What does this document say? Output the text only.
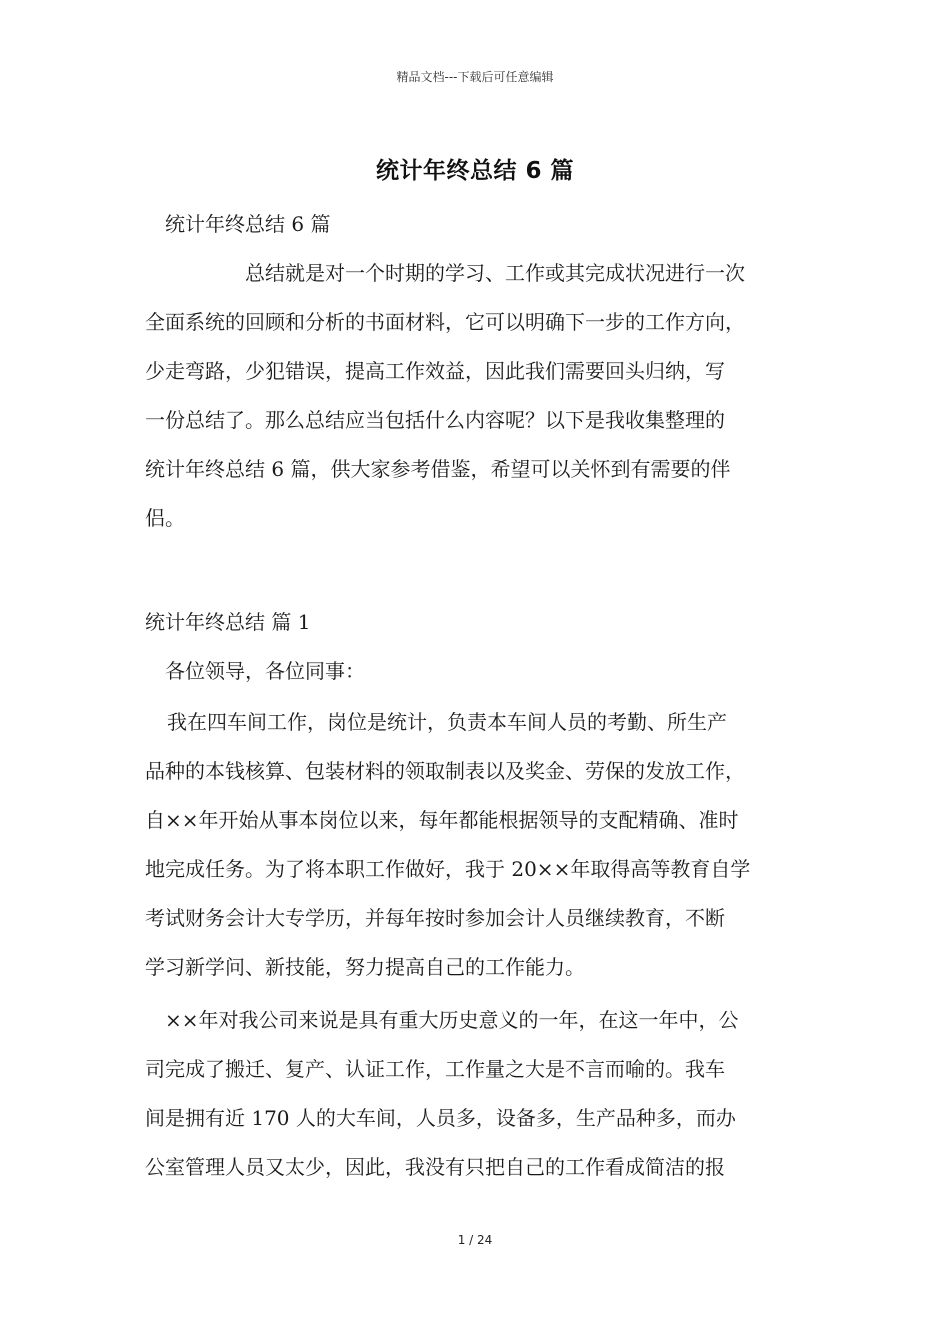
精品文档---下载后可任意编辑
统计年终总结 6 篇
统计年终总结 6 篇
总结就是对一个时期的学习、工作或其完成状况进行一次
全面系统的回顾和分析的书面材料，它可以明确下一步的工作方向，
少走弯路，少犯错误，提高工作效益，因此我们需要回头归纳，写
一份总结了。那么总结应当包括什么内容呢？以下是我收集整理的
统计年终总结 6 篇，供大家参考借鉴，希望可以关怀到有需要的伴
侣。
统计年终总结 篇 1
各位领导，各位同事：
我在四车间工作，岗位是统计，负责本车间人员的考勤、所生产
品种的本钱核算、包装材料的领取制表以及奖金、劳保的发放工作，
自××年开始从事本岗位以来，每年都能根据领导的支配精确、准时
地完成任务。为了将本职工作做好，我于 20××年取得高等教育自学
考试财务会计大专学历，并每年按时参加会计人员继续教育，不断
学习新学问、新技能，努力提高自己的工作能力。
××年对我公司来说是具有重大历史意义的一年，在这一年中，公
司完成了搬迁、复产、认证工作，工作量之大是不言而喻的。我车
间是拥有近 170 人的大车间，人员多，设备多，生产品种多，而办
公室管理人员又太少，因此，我没有只把自己的工作看成简洁的报
1 / 24
